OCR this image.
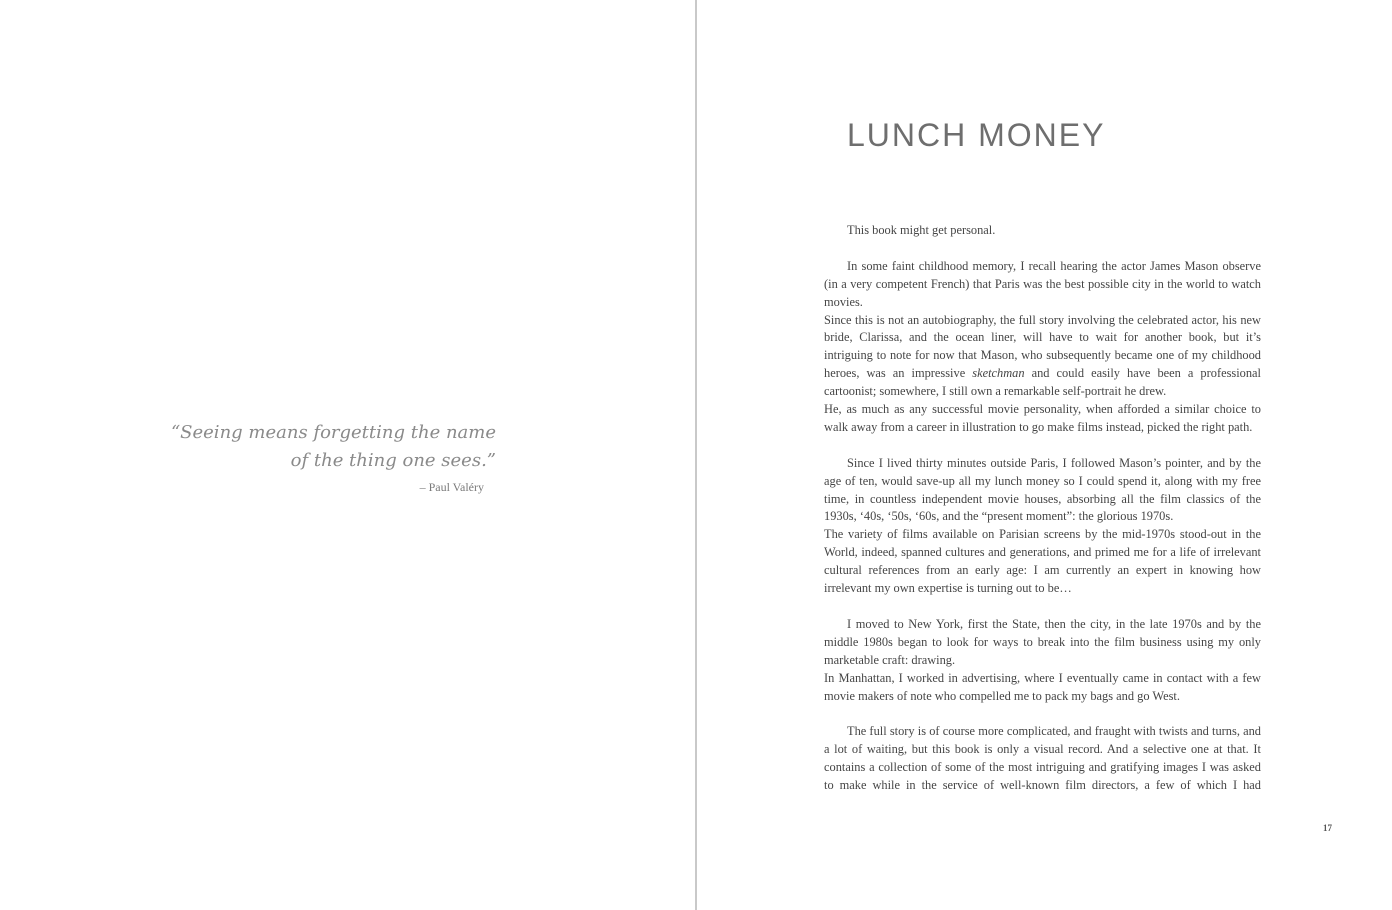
“Seeing means forgetting the name
of the thing one sees.”
– Paul Valéry
LUNCH MONEY

This book might get personal.

In some faint childhood memory, I recall hearing the actor James Mason observe (in a very competent French) that Paris was the best possible city in the world to watch movies.

Since this is not an autobiography, the full story involving the celebrated actor, his new bride, Clarissa, and the ocean liner, will have to wait for another book, but it’s intriguing to note for now that Mason, who subsequently became one of my childhood heroes, was an impressive sketchman and could easily have been a professional cartoonist; somewhere, I still own a remarkable self-portrait he drew.

He, as much as any successful movie personality, when afforded a similar choice to walk away from a career in illustration to go make films instead, picked the right path.

Since I lived thirty minutes outside Paris, I followed Mason’s pointer, and by the age of ten, would save-up all my lunch money so I could spend it, along with my free time, in countless independent movie houses, absorbing all the film classics of the 1930s, ‘40s, ‘50s, ‘60s, and the “present moment”: the glorious 1970s.

The variety of films available on Parisian screens by the mid-1970s stood-out in the World, indeed, spanned cultures and generations, and primed me for a life of irrelevant cultural references from an early age: I am currently an expert in knowing how irrelevant my own expertise is turning out to be…

I moved to New York, first the State, then the city, in the late 1970s and by the middle 1980s began to look for ways to break into the film business using my only marketable craft: drawing.

In Manhattan, I worked in advertising, where I eventually came in contact with a few movie makers of note who compelled me to pack my bags and go West.

The full story is of course more complicated, and fraught with twists and turns, and a lot of waiting, but this book is only a visual record. And a selective one at that. It contains a collection of some of the most intriguing and gratifying images I was asked to make while in the service of well-known film directors, a few of which I had

17
